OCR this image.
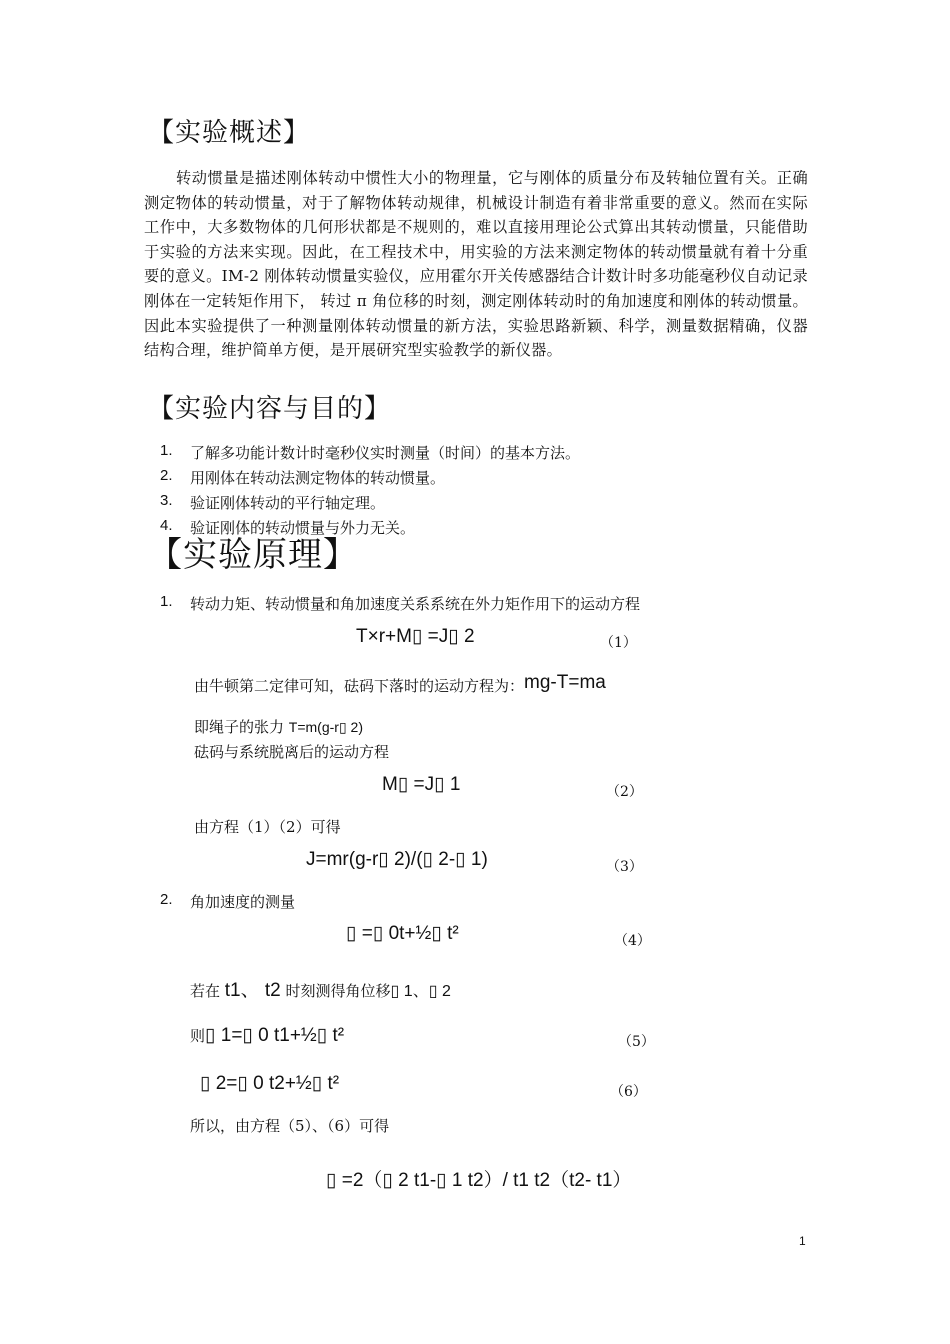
【实验概述】
转动惯量是描述刚体转动中惯性大小的物理量，它与刚体的质量分布及转轴位置有关。正确测定物体的转动惯量，对于了解物体转动规律，机械设计制造有着非常重要的意义。然而在实际工作中，大多数物体的几何形状都是不规则的，难以直接用理论公式算出其转动惯量，只能借助于实验的方法来实现。因此，在工程技术中，用实验的方法来测定物体的转动惯量就有着十分重要的意义。IM-2 刚体转动惯量实验仪，应用霍尔开关传感器结合计数计时多功能毫秒仪自动记录刚体在一定转矩作用下， 转过 π 角位移的时刻，测定刚体转动时的角加速度和刚体的转动惯量。因此本实验提供了一种测量刚体转动惯量的新方法，实验思路新颖、科学，测量数据精确，仪器结构合理，维护简单方便，是开展研究型实验教学的新仪器。
【实验内容与目的】
1. 了解多功能计数计时毫秒仪实时测量（时间）的基本方法。
2. 用刚体在转动法测定物体的转动惯量。
3. 验证刚体转动的平行轴定理。
4. 验证刚体的转动惯量与外力无关。
【实验原理】
1. 转动力矩、转动惯量和角加速度关系系统在外力矩作用下的运动方程
T×r+M▯ =J▯ 2	（1）
由牛顿第二定律可知，砝码下落时的运动方程为：mg-T=ma
即绳子的张力 T=m(g-r▯ 2)
砝码与系统脱离后的运动方程
M▯ =J▯ 1	（2）
由方程（1）（2）可得
J=mr(g-r▯ 2)/(▯ 2-▯ 1)	（3）
2. 角加速度的测量
▯ =▯ 0t+½▯ t²	（4）
若在 t1、 t2 时刻测得角位移▯ 1、▯ 2
则▯ 1=▯ 0 t1+½▯ t²	（5）
▯ 2=▯ 0 t2+½▯ t²	（6）
所以，由方程（5）、（6）可得
▯ =2（▯ 2 t1-▯ 1 t2）/ t1 t2（t2- t1）
1
